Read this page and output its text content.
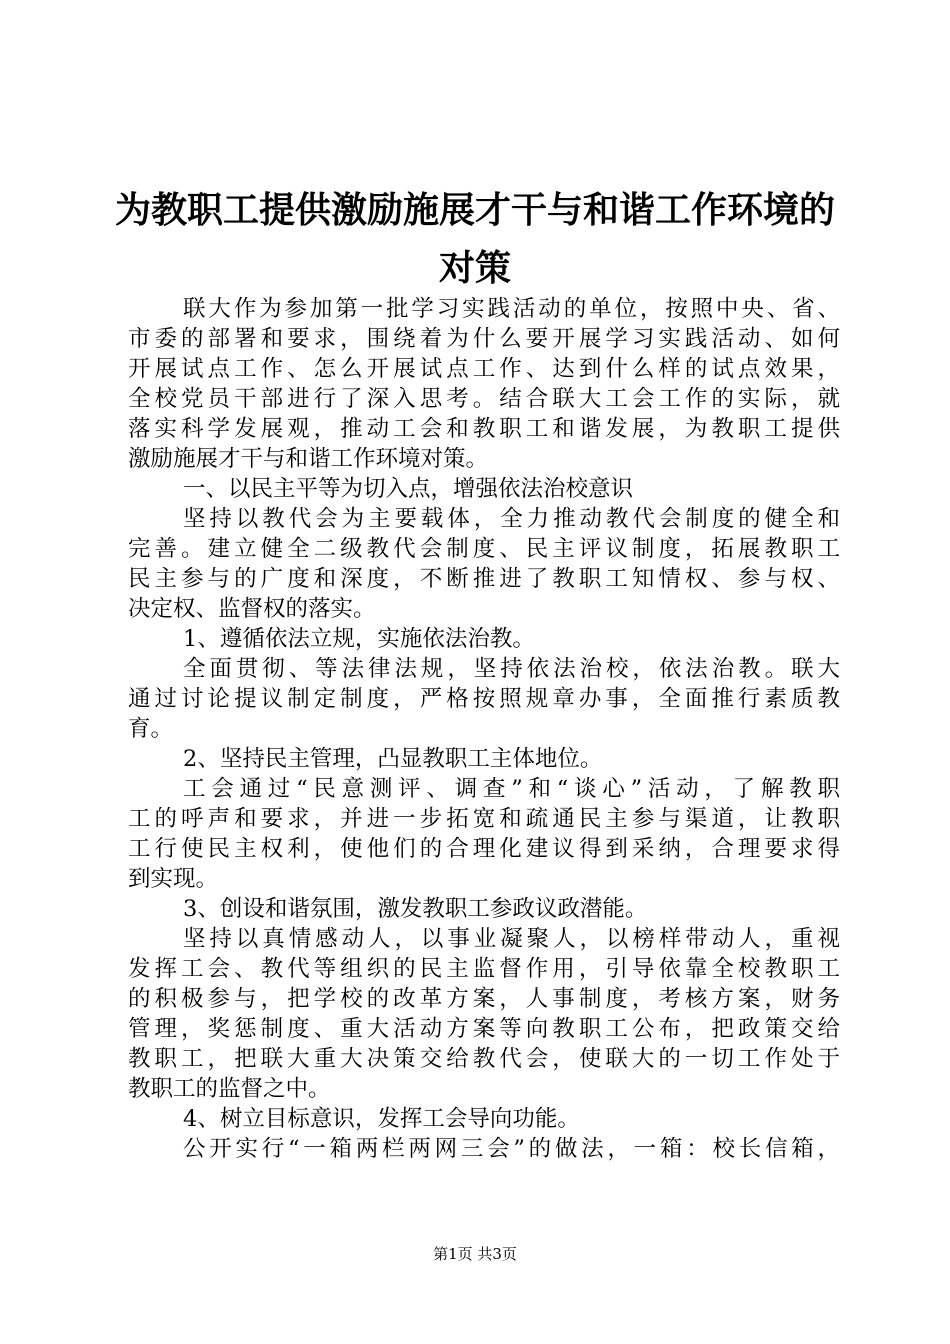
为教职工提供激励施展才干与和谐工作环境的
对策
联大作为参加第一批学习实践活动的单位，按照中央、省、
市委的部署和要求，围绕着为什么要开展学习实践活动、如何
开展试点工作、怎么开展试点工作、达到什么样的试点效果，
全校党员干部进行了深入思考。结合联大工会工作的实际，就
落实科学发展观，推动工会和教职工和谐发展，为教职工提供
激励施展才干与和谐工作环境对策。
一、以民主平等为切入点，增强依法治校意识
坚持以教代会为主要载体，全力推动教代会制度的健全和
完善。建立健全二级教代会制度、民主评议制度，拓展教职工
民主参与的广度和深度，不断推进了教职工知情权、参与权、
决定权、监督权的落实。
1、遵循依法立规，实施依法治教。
全面贯彻、等法律法规，坚持依法治校，依法治教。联大
通过讨论提议制定制度，严格按照规章办事，全面推行素质教
育。
2、坚持民主管理，凸显教职工主体地位。
工会通过“民意测评、调查”和“谈心”活动，了解教职
工的呼声和要求，并进一步拓宽和疏通民主参与渠道，让教职
工行使民主权利，使他们的合理化建议得到采纳，合理要求得
到实现。
3、创设和谐氛围，激发教职工参政议政潜能。
坚持以真情感动人，以事业凝聚人，以榜样带动人，重视
发挥工会、教代等组织的民主监督作用，引导依靠全校教职工
的积极参与，把学校的改革方案，人事制度，考核方案，财务
管理，奖惩制度、重大活动方案等向教职工公布，把政策交给
教职工，把联大重大决策交给教代会，使联大的一切工作处于
教职工的监督之中。
4、树立目标意识，发挥工会导向功能。
公开实行“一箱两栏两网三会”的做法，一箱：校长信箱，
第1页 共3页
